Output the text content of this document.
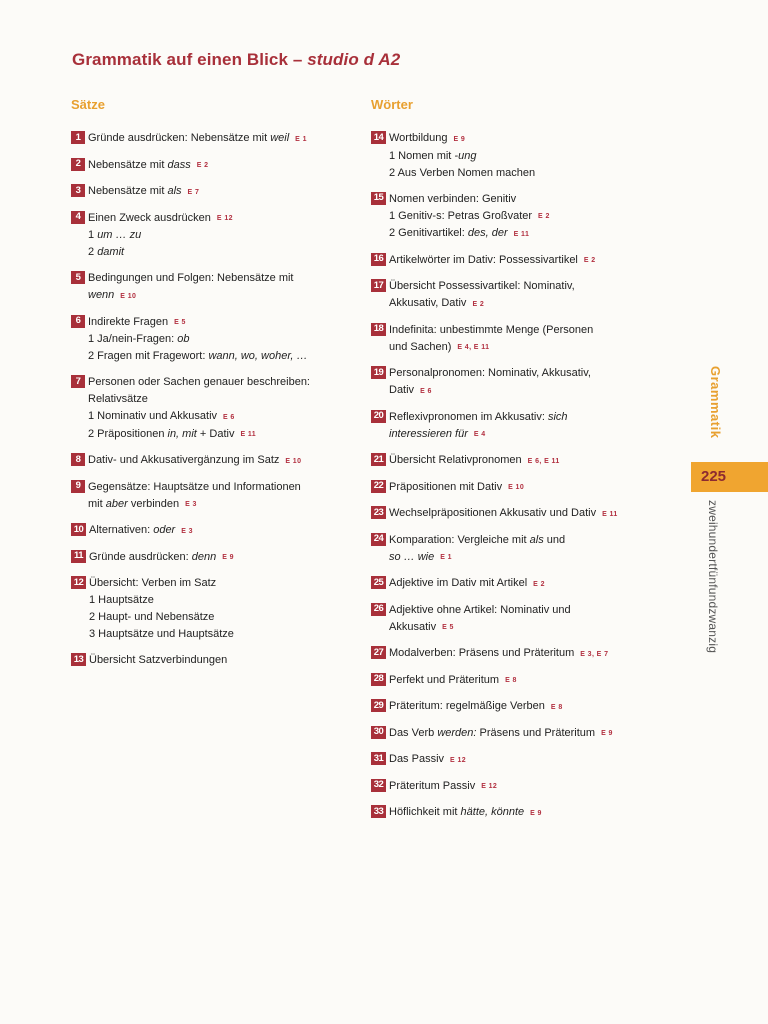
Grammatik auf einen Blick – studio d A2
Sätze
1 Gründe ausdrücken: Nebensätze mit weil E 1
2 Nebensätze mit dass E 2
3 Nebensätze mit als E 7
4 Einen Zweck ausdrücken E 12
1 um … zu
2 damit
5 Bedingungen und Folgen: Nebensätze mit
wenn E 10
6 Indirekte Fragen E 5
1 Ja/nein-Fragen: ob
2 Fragen mit Fragewort: wann, wo, woher, …
7 Personen oder Sachen genauer beschreiben:
Relativsätze
1 Nominativ und Akkusativ E 6
2 Präpositionen in, mit + Dativ E 11
8 Dativ- und Akkusativergänzung im Satz E 10
9 Gegensätze: Hauptsätze und Informationen
mit aber verbinden E 3
10 Alternativen: oder E 3
11 Gründe ausdrücken: denn E 9
12 Übersicht: Verben im Satz
1 Hauptsätze
2 Haupt- und Nebensätze
3 Hauptsätze und Hauptsätze
13 Übersicht Satzverbindungen
Wörter
14 Wortbildung E 9
1 Nomen mit -ung
2 Aus Verben Nomen machen
15 Nomen verbinden: Genitiv
1 Genitiv-s: Petras Großvater E 2
2 Genitivartikel: des, der E 11
16 Artikelwörter im Dativ: Possessivartikel E 2
17 Übersicht Possessivartikel: Nominativ,
Akkusativ, Dativ E 2
18 Indefinita: unbestimmte Menge (Personen
und Sachen) E 4, E 11
19 Personalpronomen: Nominativ, Akkusativ,
Dativ E 6
20 Reflexivpronomen im Akkusativ: sich
interessieren für E 4
21 Übersicht Relativpronomen E 6, E 11
22 Präpositionen mit Dativ E 10
23 Wechselpräpositionen Akkusativ und Dativ E 11
24 Komparation: Vergleiche mit als und
so … wie E 1
25 Adjektive im Dativ mit Artikel E 2
26 Adjektive ohne Artikel: Nominativ und
Akkusativ E 5
27 Modalverben: Präsens und Präteritum E 3, E 7
28 Perfekt und Präteritum E 8
29 Präteritum: regelmäßige Verben E 8
30 Das Verb werden: Präsens und Präteritum E 9
31 Das Passiv E 12
32 Präteritum Passiv E 12
33 Höflichkeit mit hätte, könnte E 9
Grammatik
225
zweihundertfünfundzwanzig
